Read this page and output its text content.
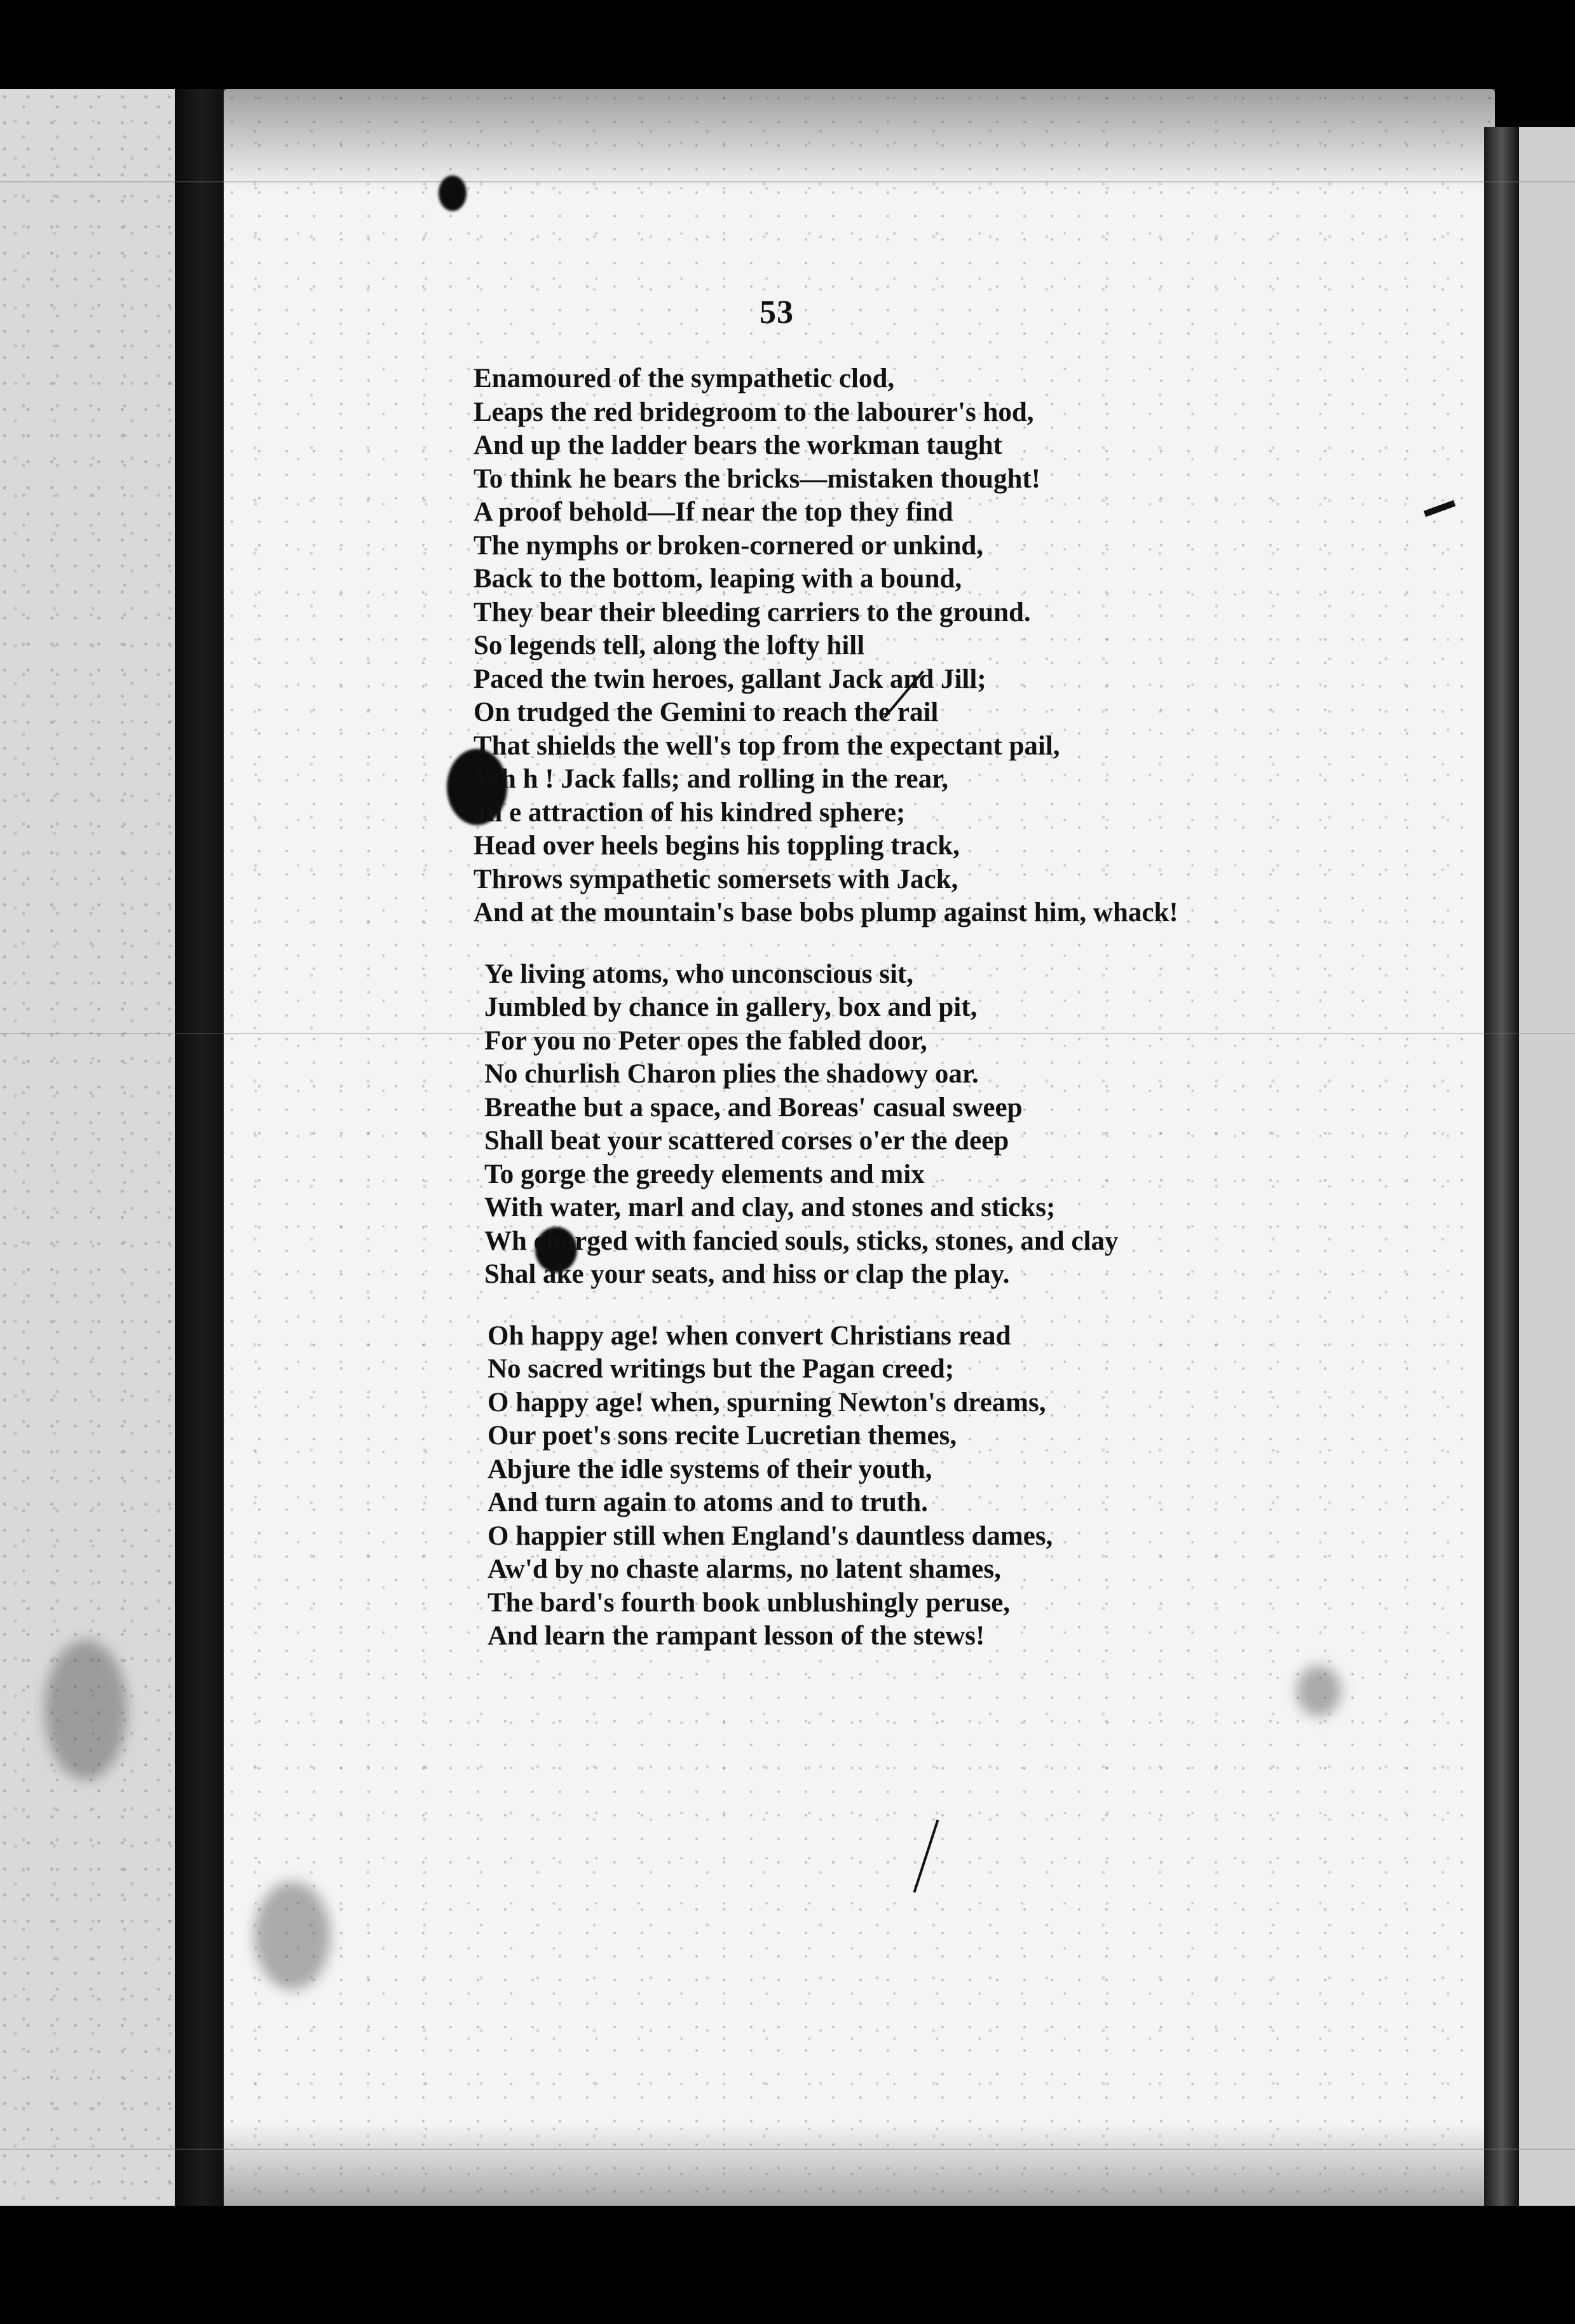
53
Enamoured of the sympathetic clod,
Leaps the red bridegroom to the labourer's hod,
And up the ladder bears the workman taught
To think he bears the bricks—mistaken thought!
A proof behold—If near the top they find
The nymphs or broken-cornered or unkind,
Back to the bottom, leaping with a bound,
They bear their bleeding carriers to the ground.
So legends tell, along the lofty hill
Paced the twin heroes, gallant Jack and Jill;
On trudged the Gemini to reach the rail
That shields the well's top from the expectant pail,
Wh h ! Jack falls; and rolling in the rear,
Jil e attraction of his kindred sphere;
Head over heels begins his toppling track,
Throws sympathetic somersets with Jack,
And at the mountain's base bobs plump against him, whack!
Ye living atoms, who unconscious sit,
Jumbled by chance in gallery, box and pit,
For you no Peter opes the fabled door,
No churlish Charon plies the shadowy oar.
Breathe but a space, and Boreas' casual sweep
Shall beat your scattered corses o'er the deep
To gorge the greedy elements and mix
With water, marl and clay, and stones and sticks;
Wh charged with fancied souls, sticks, stones, and clay
Shal ake your seats, and hiss or clap the play.
Oh happy age! when convert Christians read
No sacred writings but the Pagan creed;
O happy age! when, spurning Newton's dreams,
Our poet's sons recite Lucretian themes,
Abjure the idle systems of their youth,
And turn again to atoms and to truth.
O happier still when England's dauntless dames,
Aw'd by no chaste alarms, no latent shames,
The bard's fourth book unblushingly peruse,
And learn the rampant lesson of the stews!
